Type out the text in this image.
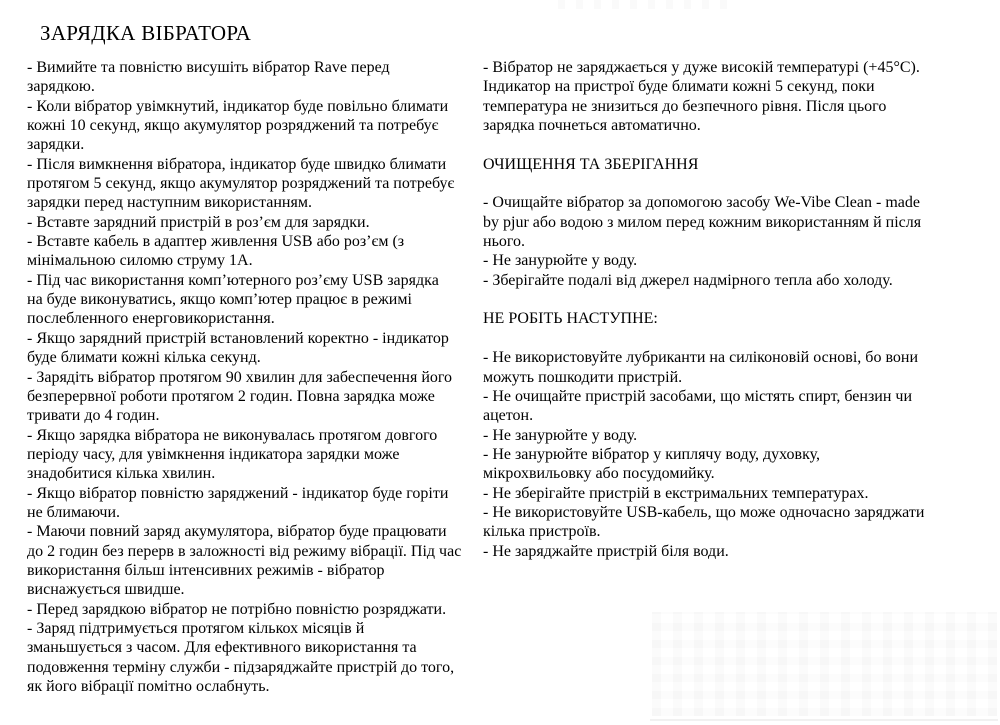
ЗАРЯДКА ВІБРАТОРА
- Вимийте та повністю висушіть вібратор Rave перед
зарядкою.
- Коли вібратор увімкнутий, індикатор буде повільно блимати
кожні 10 секунд, якщо акумулятор розряджений та потребує
зарядки.
- Після вимкнення вібратора, індикатор буде швидко блимати
протягом 5 секунд, якщо акумулятор розряджений та потребує
зарядки перед наступним використанням.
- Вставте зарядний пристрій в роз’єм для зарядки.
- Вставте кабель в адаптер живлення USB або роз’єм (з
мінімальною силомю струму 1А.
- Під час використання комп’ютерного роз’єму USB зарядка
на буде виконуватись, якщо комп’ютер працює в режимі
послебленного енерговикористання.
- Якщо зарядний пристрій встановлений коректно - індикатор
буде блимати кожні кілька секунд.
- Зарядіть вібратор протягом 90 хвилин для забеспечення його
безперервної роботи протягом 2 годин. Повна зарядка може
тривати до 4 годин.
- Якщо зарядка вібратора не виконувалась протягом довгого
періоду часу, для увімкнення індикатора зарядки може
знадобитися кілька хвилин.
- Якщо вібратор повністю заряджений - індикатор буде горіти
не блимаючи.
- Маючи повний заряд акумулятора, вібратор буде працювати
до 2 годин без перерв в заложності від режиму вібрації. Під час
використання більш інтенсивних режимів - вібратор
виснажується швидше.
- Перед зарядкою вібратор не потрібно повністю розряджати.
- Заряд підтримується протягом кількох місяців й
зманьшується з часом. Для ефективного використання та
подовження терміну служби - підзаряджайте пристрій до того,
як його вібрації помітно ослабнуть.
- Вібратор не заряджається у дуже високій температурі (+45°C).
Індикатор на пристрої буде блимати кожні 5 секунд, поки
температура не знизиться до безпечного рівня. Після цього
зарядка почнеться автоматично.

ОЧИЩЕННЯ ТА ЗБЕРІГАННЯ

- Очищайте вібратор за допомогою засобу We-Vibe Clean - made
by pjur або водою з милом перед кожним використанням й після
нього.
- Не занурюйте у воду.
- Зберігайте подалі від джерел надмірного тепла або холоду.

НЕ РОБІТЬ НАСТУПНЕ:

- Не використовуйте лубриканти на силіконовій основі, бо вони
можуть пошкодити пристрій.
- Не очищайте пристрій засобами, що містять спирт, бензин чи
ацетон.
- Не занурюйте у воду.
- Не занурюйте вібратор у киплячу воду, духовку,
мікрохвильовку або посудомийку.
- Не зберігайте пристрій в екстримальних температурах.
- Не використовуйте USB-кабель, що може одночасно заряджати
кілька пристроїв.
- Не заряджайте пристрій біля води.
